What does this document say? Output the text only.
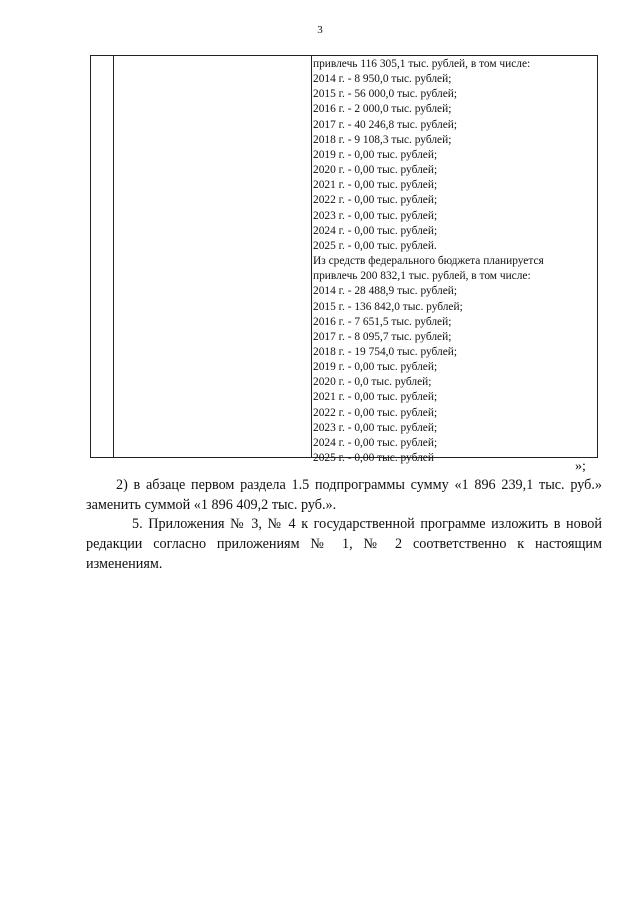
3
привлечь 116 305,1 тыс. рублей, в том числе:
2014 г. - 8 950,0 тыс. рублей;
2015 г. - 56 000,0 тыс. рублей;
2016 г. - 2 000,0 тыс. рублей;
2017 г. - 40 246,8 тыс. рублей;
2018 г. - 9 108,3 тыс. рублей;
2019 г. - 0,00 тыс. рублей;
2020 г. - 0,00 тыс. рублей;
2021 г. - 0,00 тыс. рублей;
2022 г. - 0,00 тыс. рублей;
2023 г. - 0,00 тыс. рублей;
2024 г. - 0,00 тыс. рублей;
2025 г. - 0,00 тыс. рублей.
Из средств федерального бюджета планируется
привлечь 200 832,1 тыс. рублей, в том числе:
2014 г. - 28 488,9 тыс. рублей;
2015 г. - 136 842,0 тыс. рублей;
2016 г. - 7 651,5 тыс. рублей;
2017 г. - 8 095,7 тыс. рублей;
2018 г. - 19 754,0 тыс. рублей;
2019 г. - 0,00 тыс. рублей;
2020 г. - 0,0 тыс. рублей;
2021 г. - 0,00 тыс. рублей;
2022 г. - 0,00 тыс. рублей;
2023 г. - 0,00 тыс. рублей;
2024 г. - 0,00 тыс. рублей;
2025 г. - 0,00 тыс. рублей
»;
2) в абзаце первом раздела 1.5 подпрограммы сумму «1 896 239,1 тыс. руб.» заменить суммой «1 896 409,2 тыс. руб.».
5. Приложения № 3, № 4 к государственной программе изложить в новой редакции согласно приложениям № 1, № 2 соответственно к настоящим изменениям.
